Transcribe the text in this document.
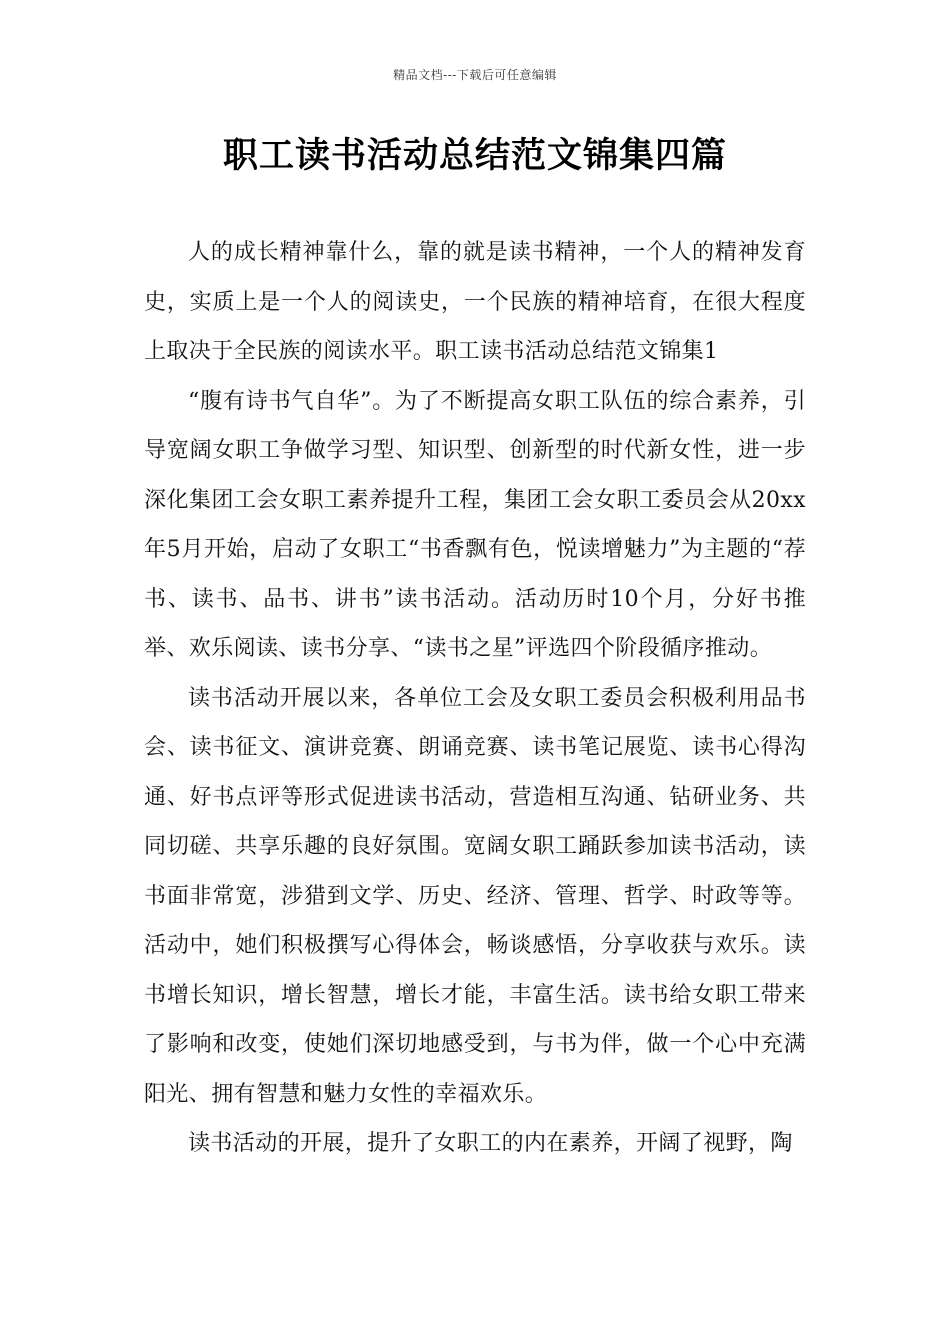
精品文档---下载后可任意编辑
职工读书活动总结范文锦集四篇

人的成长精神靠什么，靠的就是读书精神，一个人的精神发育史，实质上是一个人的阅读史，一个民族的精神培育，在很大程度上取决于全民族的阅读水平。职工读书活动总结范文锦集1

“腹有诗书气自华”。为了不断提高女职工队伍的综合素养，引导宽阔女职工争做学习型、知识型、创新型的时代新女性，进一步深化集团工会女职工素养提升工程，集团工会女职工委员会从20xx年5月开始，启动了女职工“书香飘有色，悦读增魅力”为主题的“荐书、读书、品书、讲书”读书活动。活动历时10个月，分好书推举、欢乐阅读、读书分享、“读书之星”评选四个阶段循序推动。

读书活动开展以来，各单位工会及女职工委员会积极利用品书会、读书征文、演讲竞赛、朗诵竞赛、读书笔记展览、读书心得沟通、好书点评等形式促进读书活动，营造相互沟通、钻研业务、共同切磋、共享乐趣的良好氛围。宽阔女职工踊跃参加读书活动，读书面非常宽，涉猎到文学、历史、经济、管理、哲学、时政等等。活动中，她们积极撰写心得体会，畅谈感悟，分享收获与欢乐。读书增长知识，增长智慧，增长才能，丰富生活。读书给女职工带来了影响和改变，使她们深切地感受到，与书为伴，做一个心中充满阳光、拥有智慧和魅力女性的幸福欢乐。

读书活动的开展，提升了女职工的内在素养，开阔了视野，陶
